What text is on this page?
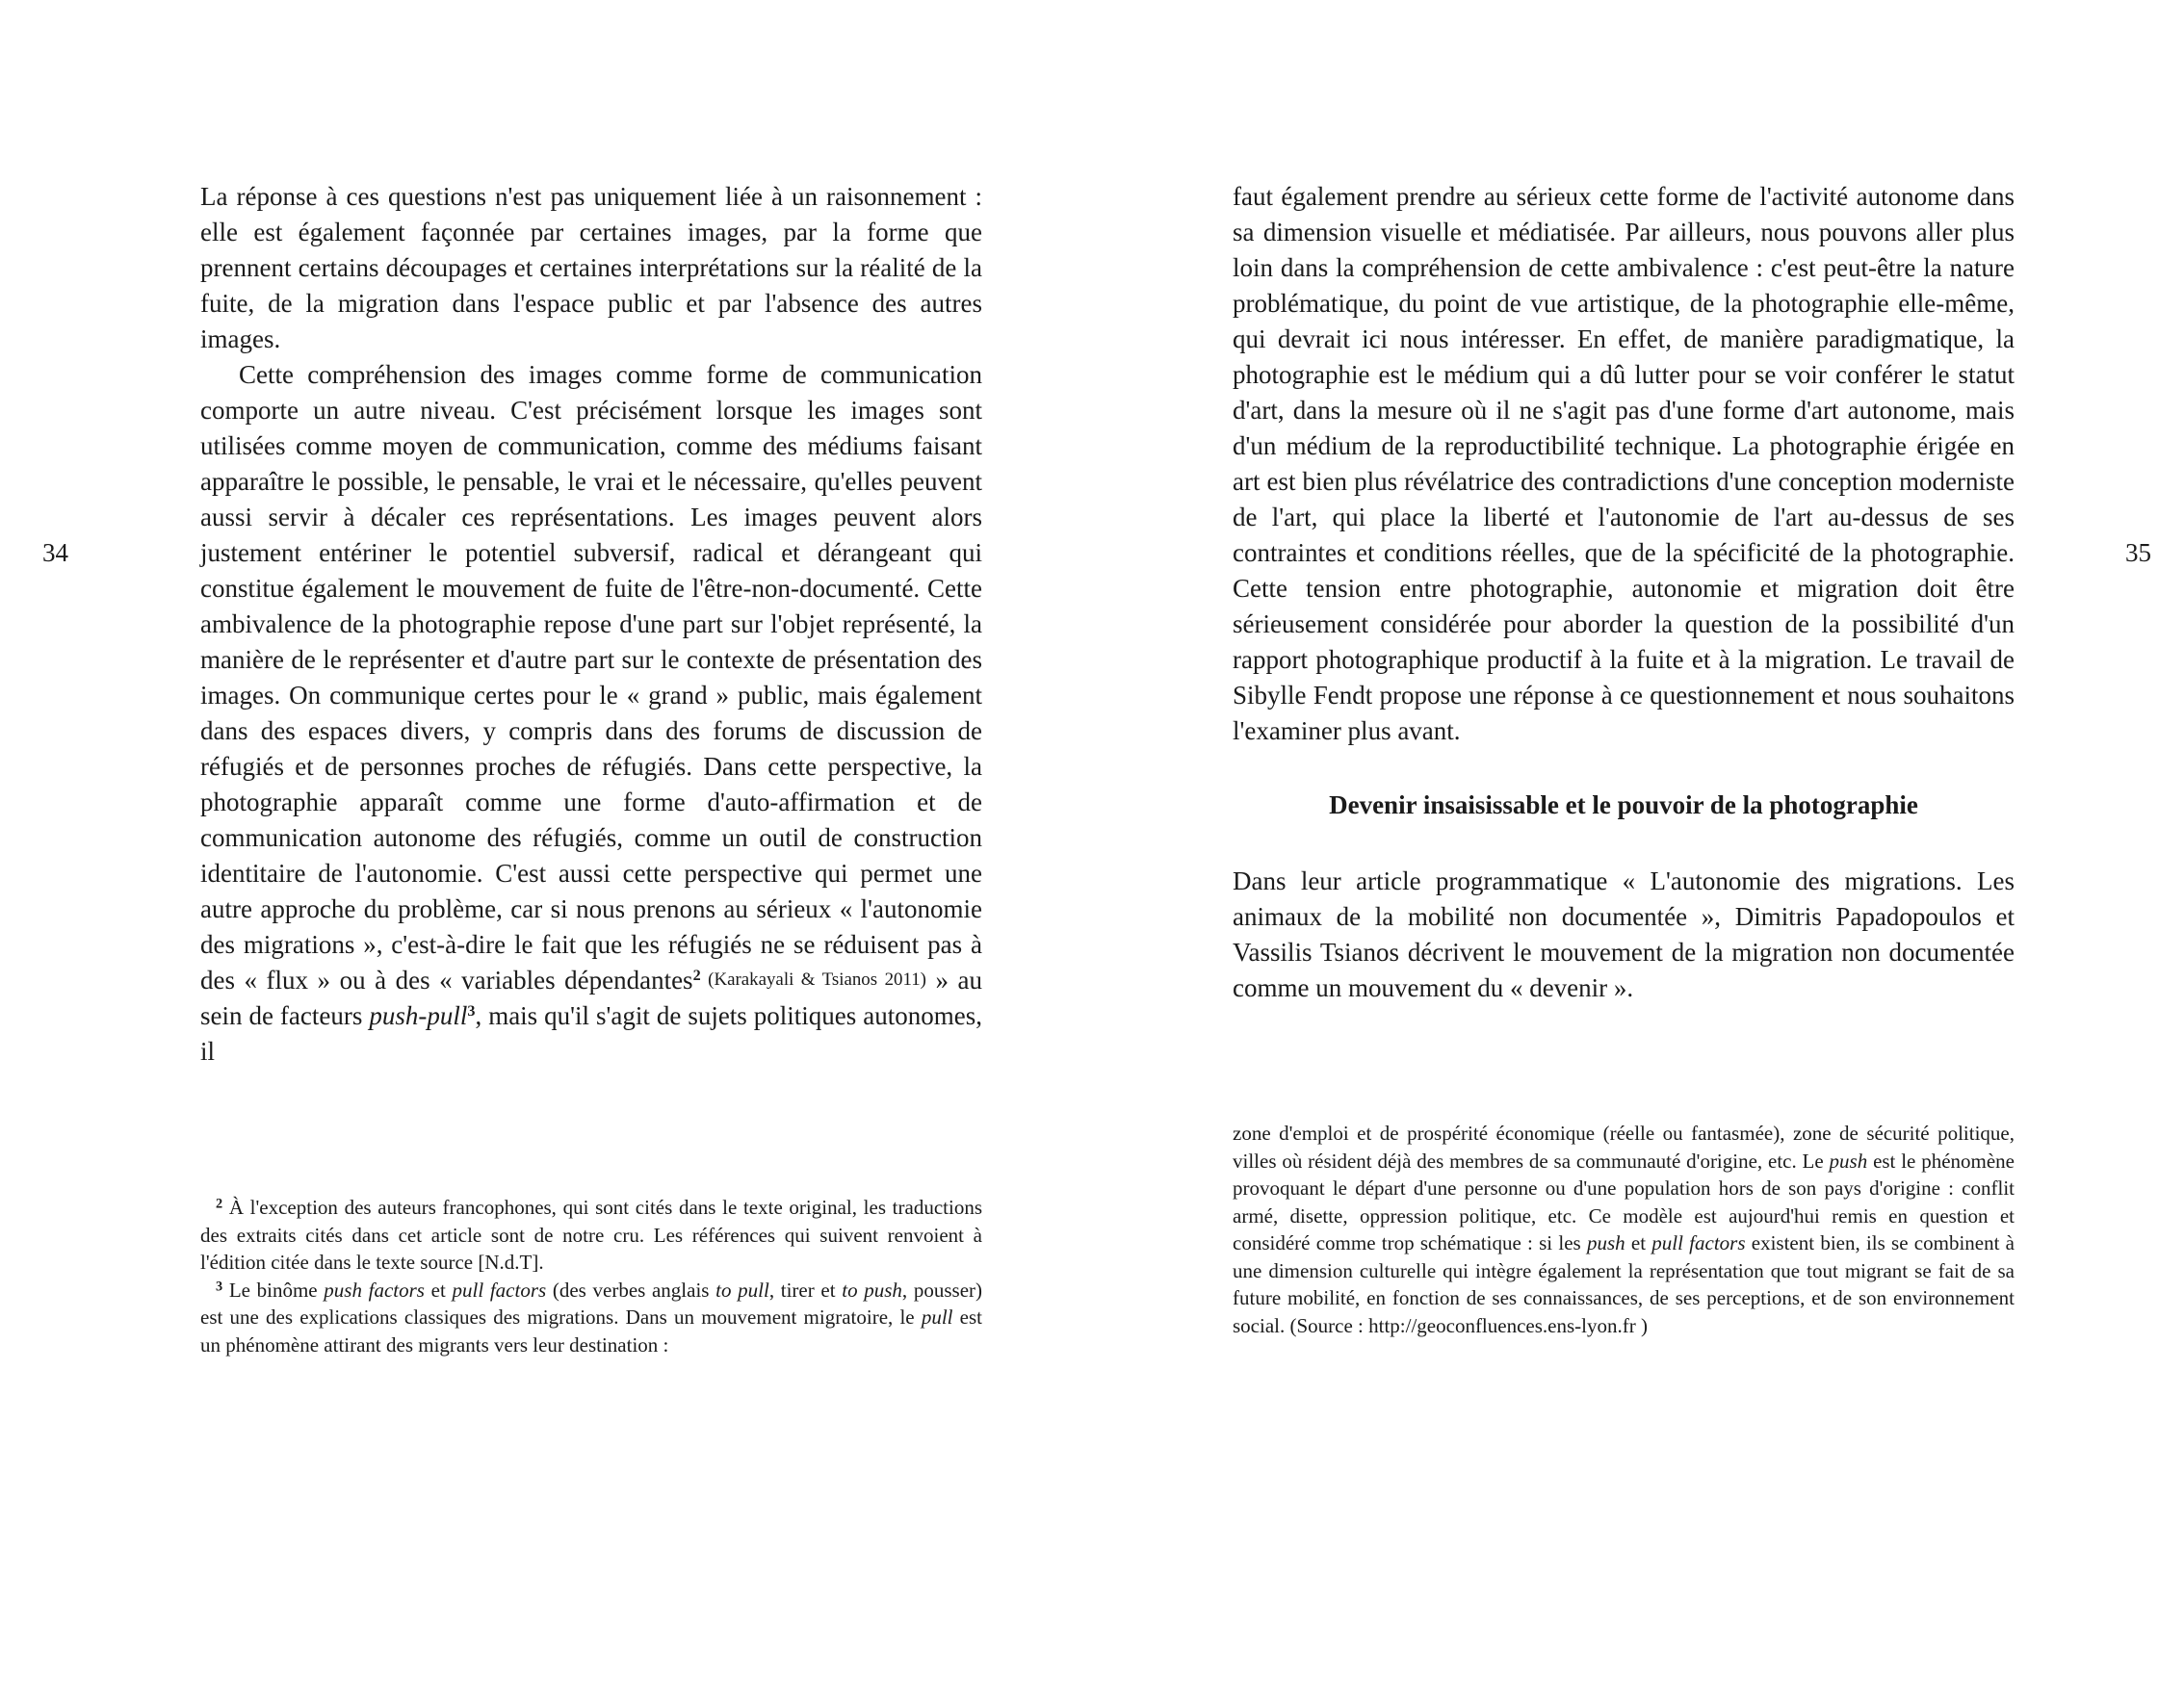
34	35

La réponse à ces questions n'est pas uniquement liée à un raisonnement : elle est également façonnée par certaines images, par la forme que prennent certains découpages et certaines interprétations sur la réalité de la fuite, de la migration dans l'espace public et par l'absence des autres images.

Cette compréhension des images comme forme de communication comporte un autre niveau. C'est précisément lorsque les images sont utilisées comme moyen de communication, comme des médiums faisant apparaître le possible, le pensable, le vrai et le nécessaire, qu'elles peuvent aussi servir à décaler ces représentations. Les images peuvent alors justement entériner le potentiel subversif, radical et dérangeant qui constitue également le mouvement de fuite de l'être-non-documenté. Cette ambivalence de la photographie repose d'une part sur l'objet représenté, la manière de le représenter et d'autre part sur le contexte de présentation des images. On communique certes pour le « grand » public, mais également dans des espaces divers, y compris dans des forums de discussion de réfugiés et de personnes proches de réfugiés. Dans cette perspective, la photographie apparaît comme une forme d'auto-affirmation et de communication autonome des réfugiés, comme un outil de construction identitaire de l'autonomie. C'est aussi cette perspective qui permet une autre approche du problème, car si nous prenons au sérieux « l'autonomie des migrations », c'est-à-dire le fait que les réfugiés ne se réduisent pas à des « flux » ou à des « variables dépendantes$^2$ (Karakayali & Tsianos 2011) » au sein de facteurs push-pull$^3$, mais qu'il s'agit de sujets politiques autonomes, il

$^2$ À l'exception des auteurs francophones, qui sont cités dans le texte original, les traductions des extraits cités dans cet article sont de notre cru. Les références qui suivent renvoient à l'édition citée dans le texte source [N.d.T].

$^3$ Le binôme push factors et pull factors (des verbes anglais to pull, tirer et to push, pousser) est une des explications classiques des migrations. Dans un mouvement migratoire, le pull est un phénomène attirant des migrants vers leur destination :

faut également prendre au sérieux cette forme de l'activité autonome dans sa dimension visuelle et médiatisée. Par ailleurs, nous pouvons aller plus loin dans la compréhension de cette ambivalence : c'est peut-être la nature problématique, du point de vue artistique, de la photographie elle-même, qui devrait ici nous intéresser. En effet, de manière paradigmatique, la photographie est le médium qui a dû lutter pour se voir conférer le statut d'art, dans la mesure où il ne s'agit pas d'une forme d'art autonome, mais d'un médium de la reproductibilité technique. La photographie érigée en art est bien plus révélatrice des contradictions d'une conception moderniste de l'art, qui place la liberté et l'autonomie de l'art au-dessus de ses contraintes et conditions réelles, que de la spécificité de la photographie. Cette tension entre photographie, autonomie et migration doit être sérieusement considérée pour aborder la question de la possibilité d'un rapport photographique productif à la fuite et à la migration. Le travail de Sibylle Fendt propose une réponse à ce questionnement et nous souhaitons l'examiner plus avant.

Devenir insaisissable et le pouvoir de la photographie

Dans leur article programmatique « L'autonomie des migrations. Les animaux de la mobilité non documentée », Dimitris Papadopoulos et Vassilis Tsianos décrivent le mouvement de la migration non documentée comme un mouvement du « devenir ».

zone d'emploi et de prospérité économique (réelle ou fantasmée), zone de sécurité politique, villes où résident déjà des membres de sa communauté d'origine, etc. Le push est le phénomène provoquant le départ d'une personne ou d'une population hors de son pays d'origine : conflit armé, disette, oppression politique, etc. Ce modèle est aujourd'hui remis en question et considéré comme trop schématique : si les push et pull factors existent bien, ils se combinent à une dimension culturelle qui intègre également la représentation que tout migrant se fait de sa future mobilité, en fonction de ses connaissances, de ses perceptions, et de son environnement social. (Source : http://geoconfluences.ens-lyon.fr )
